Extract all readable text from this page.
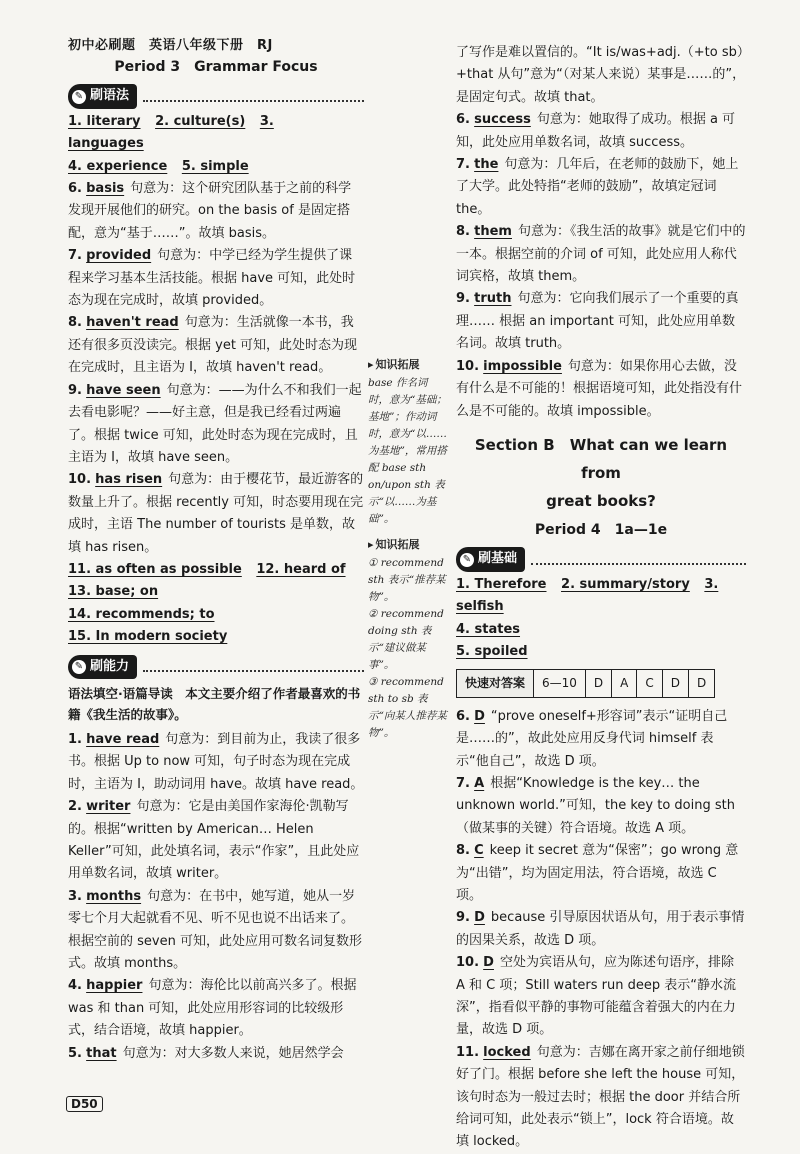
初中必刷题　英语八年级下册　RJ
Period 3　Grammar Focus
✎ 刷语法
1. literary 2. culture(s) 3. languages
4. experience 5. simple
6. basis 句意为：这个研究团队基于之前的科学发现开展他们的研究。on the basis of 是固定搭配，意为“基于……”。故填 basis。
7. provided 句意为：中学已经为学生提供了课程来学习基本生活技能。根据 have 可知，此处时态为现在完成时，故填 provided。
8. haven't read 句意为：生活就像一本书，我还有很多页没读完。根据 yet 可知，此处时态为现在完成时，且主语为 I，故填 haven't read。
9. have seen 句意为：——为什么不和我们一起去看电影呢？——好主意，但是我已经看过两遍了。根据 twice 可知，此处时态为现在完成时，且主语为 I，故填 have seen。
10. has risen 句意为：由于樱花节，最近游客的数量上升了。根据 recently 可知，时态要用现在完成时，主语 The number of tourists 是单数，故填 has risen。
11. as often as possible 12. heard of
13. base; on
14. recommends; to
15. In modern society
✎ 刷能力
语法填空·语篇导读　本文主要介绍了作者最喜欢的书籍《我生活的故事》。
1. have read 句意为：到目前为止，我读了很多书。根据 Up to now 可知，句子时态为现在完成时，主语为 I，助动词用 have。故填 have read。
2. writer 句意为：它是由美国作家海伦·凯勒写的。根据“written by American… Helen Keller”可知，此处填名词，表示“作家”，且此处应用单数名词，故填 writer。
3. months 句意为：在书中，她写道，她从一岁零七个月大起就看不见、听不见也说不出话来了。根据空前的 seven 可知，此处应用可数名词复数形式。故填 months。
4. happier 句意为：海伦比以前高兴多了。根据 was 和 than 可知，此处应用形容词的比较级形式，结合语境，故填 happier。
5. that 句意为：对大多数人来说，她居然学会
▸ 知识拓展
base 作名词时，意为“基础；基地”；作动词时，意为“以……为基地”，常用搭配 base sth on/upon sth 表示“以……为基础”。
▸ 知识拓展
① recommend sth 表示“推荐某物”。
② recommend doing sth 表示“建议做某事”。
③ recommend sth to sb 表示“向某人推荐某物”。
了写作是难以置信的。“It is/was+adj.（+to sb）+that 从句”意为“（对某人来说）某事是……的”，是固定句式。故填 that。
6. success 句意为：她取得了成功。根据 a 可知，此处应用单数名词，故填 success。
7. the 句意为：几年后，在老师的鼓励下，她上了大学。此处特指“老师的鼓励”，故填定冠词 the。
8. them 句意为：《我生活的故事》就是它们中的一本。根据空前的介词 of 可知，此处应用人称代词宾格，故填 them。
9. truth 句意为：它向我们展示了一个重要的真理…… 根据 an important 可知，此处应用单数名词。故填 truth。
10. impossible 句意为：如果你用心去做，没有什么是不可能的！根据语境可知，此处指没有什么是不可能的。故填 impossible。
Section B　What can we learn from
great books?
Period 4　1a—1e
✎ 刷基础
1. Therefore 2. summary/story 3. selfish
4. states
5. spoiled
快速对答案	6—10	D	A	C	D	D
6. D “prove oneself+形容词”表示“证明自己是……的”，故此处应用反身代词 himself 表示“他自己”，故选 D 项。
7. A 根据“Knowledge is the key… the unknown world.”可知，the key to doing sth（做某事的关键）符合语境。故选 A 项。
8. C keep it secret 意为“保密”；go wrong 意为“出错”，均为固定用法，符合语境，故选 C 项。
9. D because 引导原因状语从句，用于表示事情的因果关系，故选 D 项。
10. D 空处为宾语从句，应为陈述句语序，排除 A 和 C 项；Still waters run deep 表示“静水流深”，指看似平静的事物可能蕴含着强大的内在力量，故选 D 项。
11. locked 句意为：吉娜在离开家之前仔细地锁好了门。根据 before she left the house 可知，该句时态为一般过去时；根据 the door 并结合所给词可知，此处表示“锁上”，lock 符合语境。故填 locked。
D50
